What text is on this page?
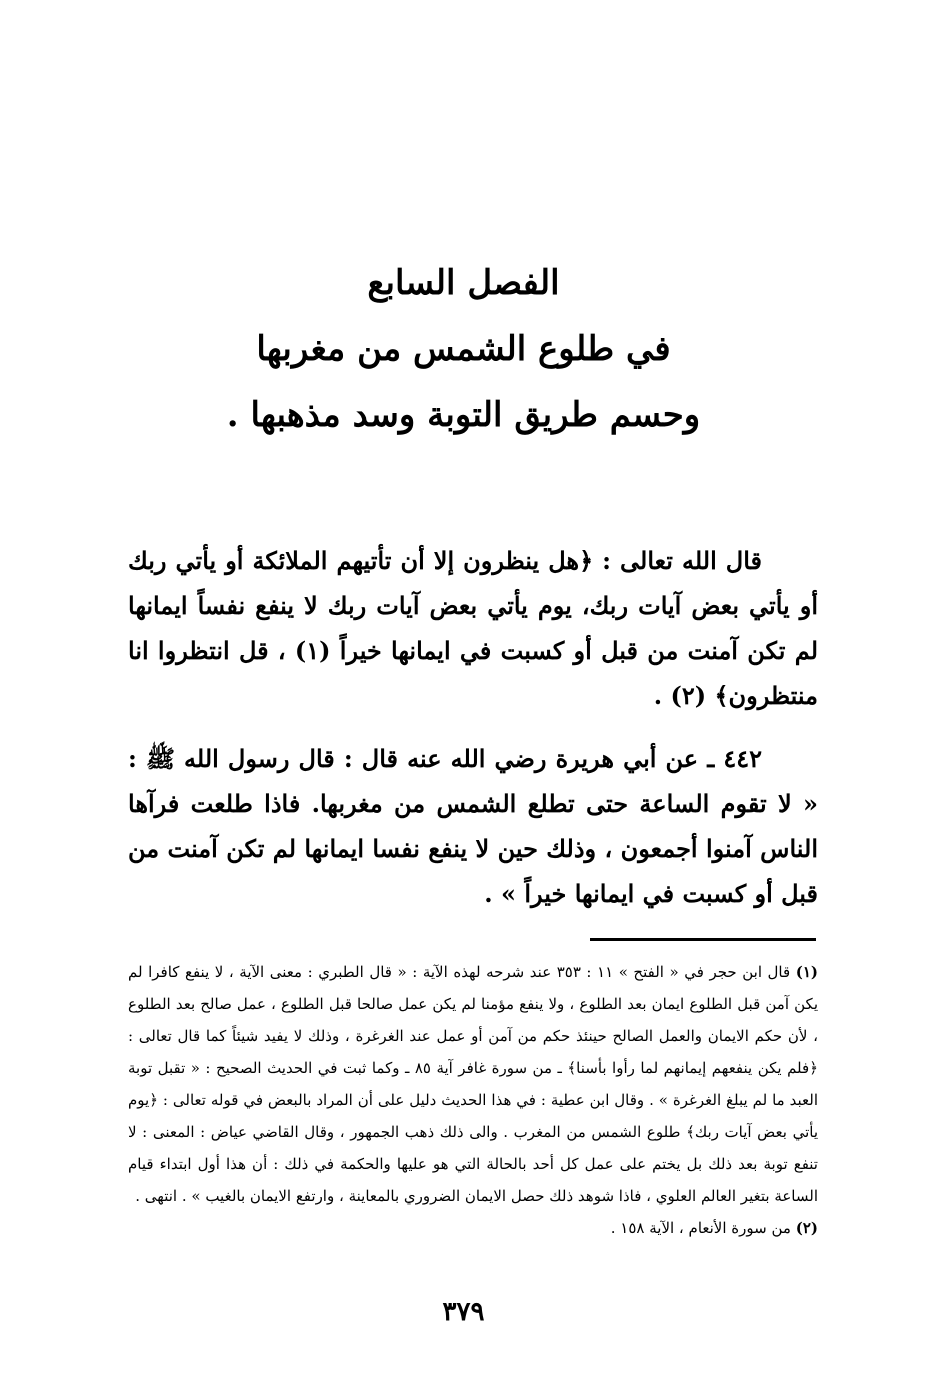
الفصل السابع
في طلوع الشمس من مغربها
وحسم طريق التوبة وسد مذهبها .
قال الله تعالى : ﴿هل ينظرون إلا أن تأتيهم الملائكة أو يأتي ربك أو يأتي بعض آيات ربك، يوم يأتي بعض آيات ربك لا ينفع نفساً ايمانها لم تكن آمنت من قبل أو كسبت في ايمانها خيراً (١) ، قل انتظروا انا منتظرون﴾ (٢) .
٤٤٢ ـ عن أبي هريرة رضي الله عنه قال : قال رسول الله ﷺ : « لا تقوم الساعة حتى تطلع الشمس من مغربها. فاذا طلعت فرآها الناس آمنوا أجمعون ، وذلك حين لا ينفع نفسا ايمانها لم تكن آمنت من قبل أو كسبت في ايمانها خيراً » .
(١) قال ابن حجر في « الفتح » ١١ : ٣٥٣ عند شرحه لهذه الآية : « قال الطبري : معنى الآية ، لا ينفع كافرا لم يكن آمن قبل الطلوع ايمان بعد الطلوع ، ولا ينفع مؤمنا لم يكن عمل صالحا قبل الطلوع ، عمل صالح بعد الطلوع ، لأن حكم الايمان والعمل الصالح حينئذ حكم من آمن أو عمل عند الغرغرة ، وذلك لا يفيد شيئاً كما قال تعالى : ﴿فلم يكن ينفعهم إيمانهم لما رأوا بأسنا﴾ ـ من سورة غافر آية ٨٥ ـ وكما ثبت في الحديث الصحيح : « تقبل توبة العبد ما لم يبلغ الغرغرة » . وقال ابن عطية : في هذا الحديث دليل على أن المراد بالبعض في قوله تعالى : ﴿يوم يأتي بعض آيات ربك﴾ طلوع الشمس من المغرب . والى ذلك ذهب الجمهور ، وقال القاضي عياض : المعنى : لا تنفع توبة بعد ذلك بل يختم على عمل كل أحد بالحالة التي هو عليها والحكمة في ذلك : أن هذا أول ابتداء قيام الساعة بتغير العالم العلوي ، فاذا شوهد ذلك حصل الايمان الضروري بالمعاينة ، وارتفع الايمان بالغيب » . انتهى .
(٢) من سورة الأنعام ، الآية ١٥٨ .
٣٧٩
